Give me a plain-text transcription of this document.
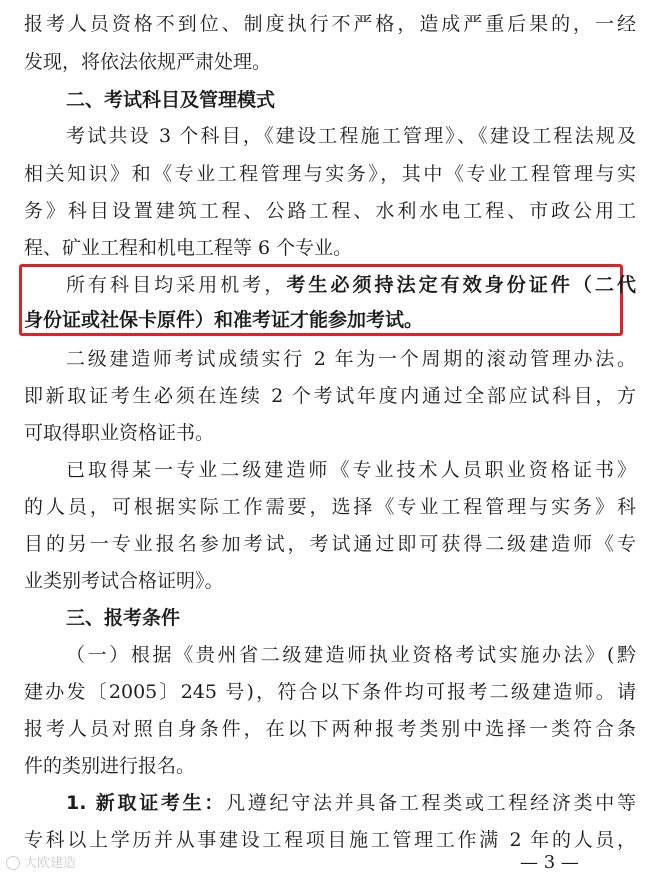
报考人员资格不到位、制度执行不严格，造成严重后果的，一经
发现，将依法依规严肃处理。
二、考试科目及管理模式
考试共设 3 个科目，《建设工程施工管理》、《建设工程法规及
相关知识》和《专业工程管理与实务》，其中《专业工程管理与实
务》科目设置建筑工程、公路工程、水利水电工程、市政公用工
程、矿业工程和机电工程等 6 个专业。
所有科目均采用机考，考生必须持法定有效身份证件（二代
身份证或社保卡原件）和准考证才能参加考试。
二级建造师考试成绩实行 2 年为一个周期的滚动管理办法。
即新取证考生必须在连续 2 个考试年度内通过全部应试科目，方
可取得职业资格证书。
已取得某一专业二级建造师《专业技术人员职业资格证书》
的人员，可根据实际工作需要，选择《专业工程管理与实务》科
目的另一专业报名参加考试，考试通过即可获得二级建造师《专
业类别考试合格证明》。
三、报考条件
（一）根据《贵州省二级建造师执业资格考试实施办法》(黔
建办发〔2005〕245 号)，符合以下条件均可报考二级建造师。请
报考人员对照自身条件，在以下两种报考类别中选择一类符合条
件的类别进行报名。
1. 新取证考生：凡遵纪守法并具备工程类或工程经济类中等
专科以上学历并从事建设工程项目施工管理工作满 2 年的人员，
大欧建造	— 3 —
